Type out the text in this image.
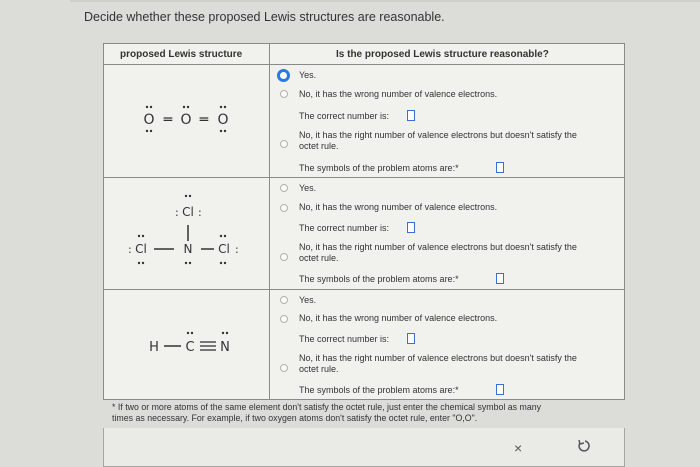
Decide whether these proposed Lewis structures are reasonable.
proposed Lewis structure	Is the proposed Lewis structure reasonable?
O ═ O ═ O
Yes.
No, it has the wrong number of valence electrons.
The correct number is:
No, it has the right number of valence electrons but doesn't satisfy the
octet rule.
The symbols of the problem atoms are:*
: Cl :
: Cl	N Cl :
Yes.
No, it has the wrong number of valence electrons.
The correct number is:
No, it has the right number of valence electrons but doesn't satisfy the
octet rule.
The symbols of the problem atoms are:*
H C N
Yes.
No, it has the wrong number of valence electrons.
The correct number is:
No, it has the right number of valence electrons but doesn't satisfy the
octet rule.
The symbols of the problem atoms are:*
* If two or more atoms of the same element don't satisfy the octet rule, just enter the chemical symbol as many
times as necessary. For example, if two oxygen atoms don't satisfy the octet rule, enter "O,O".
×
